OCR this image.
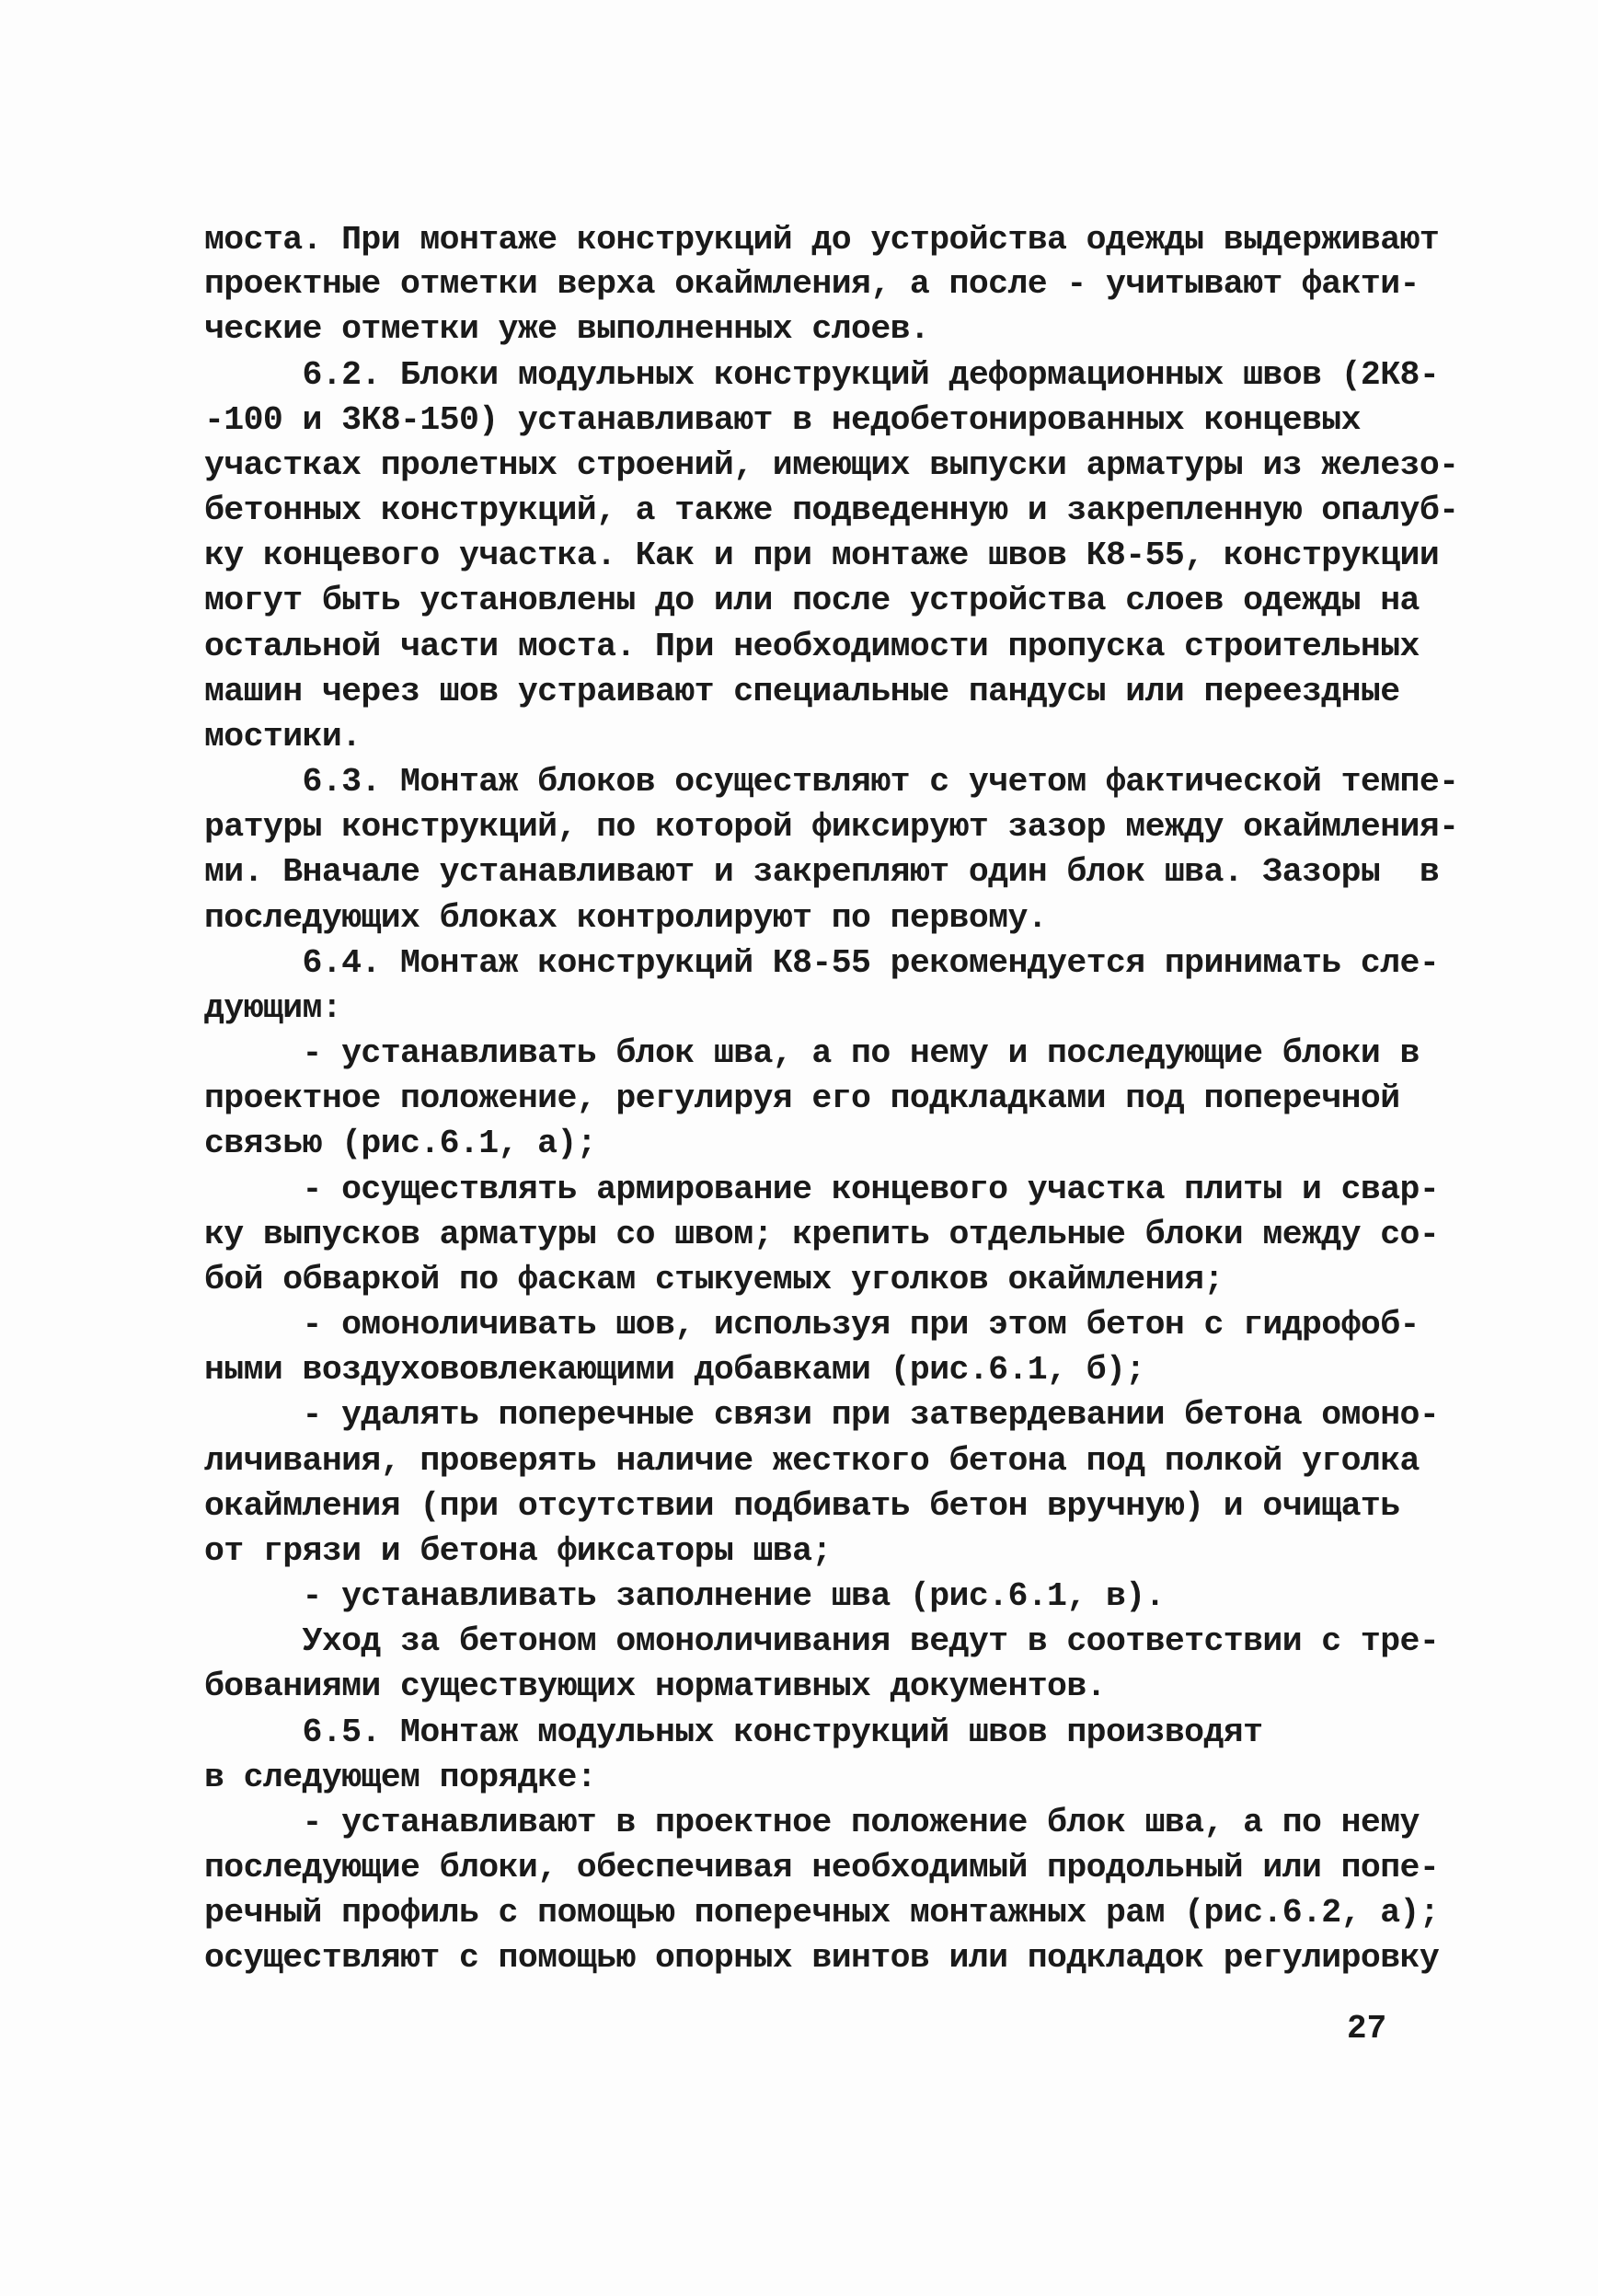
моста. При монтаже конструкций до устройства одежды выдерживают
проектные отметки верха окаймления, а после - учитывают факти-
ческие отметки уже выполненных слоев.
6.2. Блоки модульных конструкций деформационных швов (2К8-
-100 и 3К8-150) устанавливают в недобетонированных концевых
участках пролетных строений, имеющих выпуски арматуры из железо-
бетонных конструкций, а также подведенную и закрепленную опалуб-
ку концевого участка. Как и при монтаже швов К8-55, конструкции
могут быть установлены до или после устройства слоев одежды на
остальной части моста. При необходимости пропуска строительных
машин через шов устраивают специальные пандусы или переездные
мостики.
6.3. Монтаж блоков осуществляют с учетом фактической темпе-
ратуры конструкций, по которой фиксируют зазор между окаймления-
ми. Вначале устанавливают и закрепляют один блок шва. Зазоры  в
последующих блоках контролируют по первому.
6.4. Монтаж конструкций К8-55 рекомендуется принимать сле-
дующим:
- устанавливать блок шва, а по нему и последующие блоки в
проектное положение, регулируя его подкладками под поперечной
связью (рис.6.1, а);
- осуществлять армирование концевого участка плиты и свар-
ку выпусков арматуры со швом; крепить отдельные блоки между со-
бой обваркой по фаскам стыкуемых уголков окаймления;
- омоноличивать шов, используя при этом бетон с гидрофоб-
ными воздухововлекающими добавками (рис.6.1, б);
- удалять поперечные связи при затвердевании бетона омоно-
личивания, проверять наличие жесткого бетона под полкой уголка
окаймления (при отсутствии подбивать бетон вручную) и очищать
от грязи и бетона фиксаторы шва;
- устанавливать заполнение шва (рис.6.1, в).
Уход за бетоном омоноличивания ведут в соответствии с тре-
бованиями существующих нормативных документов.
6.5. Монтаж модульных конструкций швов производят
в следующем порядке:
- устанавливают в проектное положение блок шва, а по нему
последующие блоки, обеспечивая необходимый продольный или попе-
речный профиль с помощью поперечных монтажных рам (рис.6.2, а);
осуществляют с помощью опорных винтов или подкладок регулировку
27
